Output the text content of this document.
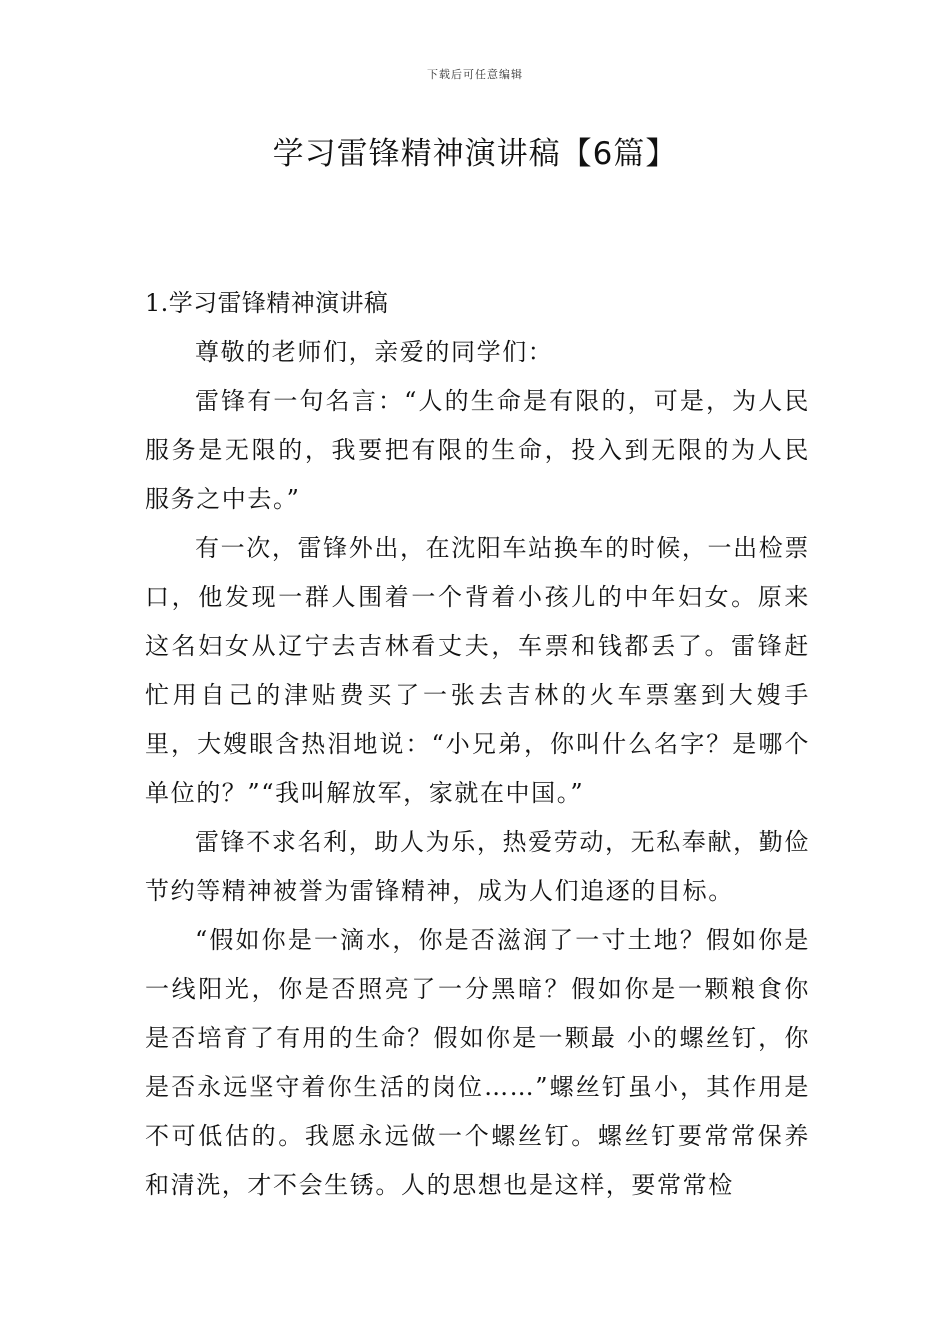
下载后可任意编辑
学习雷锋精神演讲稿【6篇】

1.学习雷锋精神演讲稿

尊敬的老师们，亲爱的同学们：

雷锋有一句名言：“人的生命是有限的，可是，为人民服务是无限的，我要把有限的生命，投入到无限的为人民服务之中去。”

有一次，雷锋外出，在沈阳车站换车的时候，一出检票口，他发现一群人围着一个背着小孩儿的中年妇女。原来这名妇女从辽宁去吉林看丈夫，车票和钱都丢了。雷锋赶忙用自己的津贴费买了一张去吉林的火车票塞到大嫂手里，大嫂眼含热泪地说：“小兄弟，你叫什么名字？是哪个单位的？”“我叫解放军，家就在中国。”

雷锋不求名利，助人为乐，热爱劳动，无私奉献，勤俭节约等精神被誉为雷锋精神，成为人们追逐的目标。

“假如你是一滴水，你是否滋润了一寸土地？假如你是一线阳光，你是否照亮了一分黑暗？假如你是一颗粮食你是否培育了有用的生命？假如你是一颗最 小的螺丝钉，你是否永远坚守着你生活的岗位……”螺丝钉虽小，其作用是不可低估的。我愿永远做一个螺丝钉。螺丝钉要常常保养和清洗，才不会生锈。人的思想也是这样，要常常检
